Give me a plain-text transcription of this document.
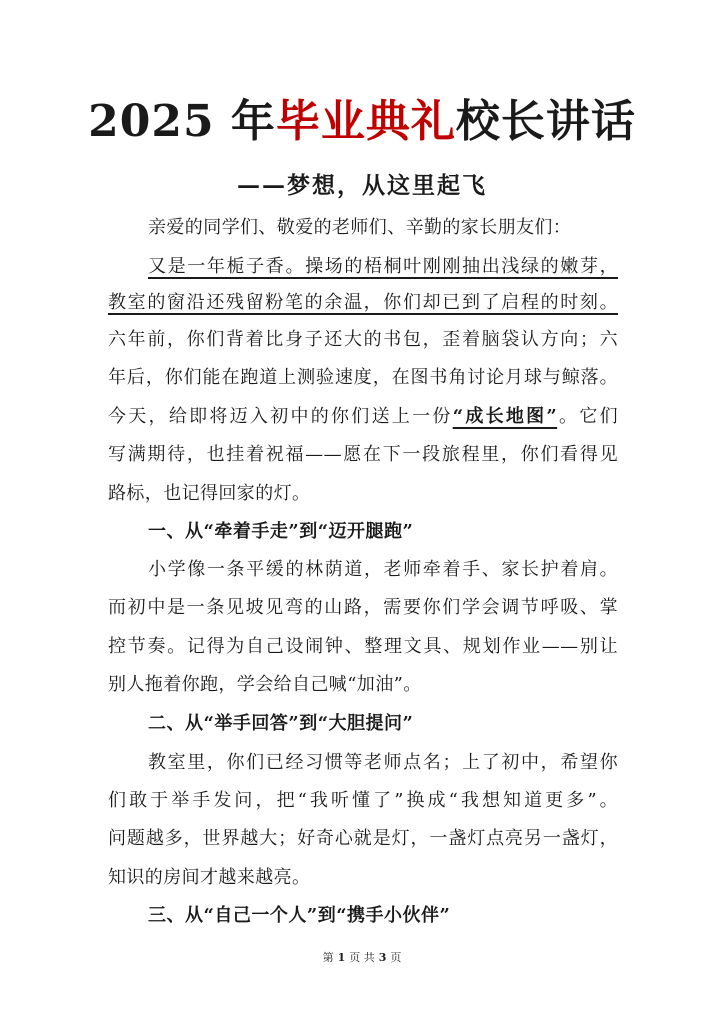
2025 年毕业典礼校长讲话
——梦想，从这里起飞
亲爱的同学们、敬爱的老师们、辛勤的家长朋友们：
又是一年栀子香。操场的梧桐叶刚刚抽出浅绿的嫩芽，
教室的窗沿还残留粉笔的余温，你们却已到了启程的时刻。
六年前，你们背着比身子还大的书包，歪着脑袋认方向；六
年后，你们能在跑道上测验速度，在图书角讨论月球与鲸落。
今天，给即将迈入初中的你们送上一份“成长地图”。它们
写满期待，也挂着祝福——愿在下一段旅程里，你们看得见
路标，也记得回家的灯。
一、从“牵着手走”到“迈开腿跑”
小学像一条平缓的林荫道，老师牵着手、家长护着肩。
而初中是一条见坡见弯的山路，需要你们学会调节呼吸、掌
控节奏。记得为自己设闹钟、整理文具、规划作业——别让
别人拖着你跑，学会给自己喊“加油”。
二、从“举手回答”到“大胆提问”
教室里，你们已经习惯等老师点名；上了初中，希望你
们敢于举手发问，把“我听懂了”换成“我想知道更多”。
问题越多，世界越大；好奇心就是灯，一盏灯点亮另一盏灯，
知识的房间才越来越亮。
三、从“自己一个人”到“携手小伙伴”
第 1 页 共 3 页
